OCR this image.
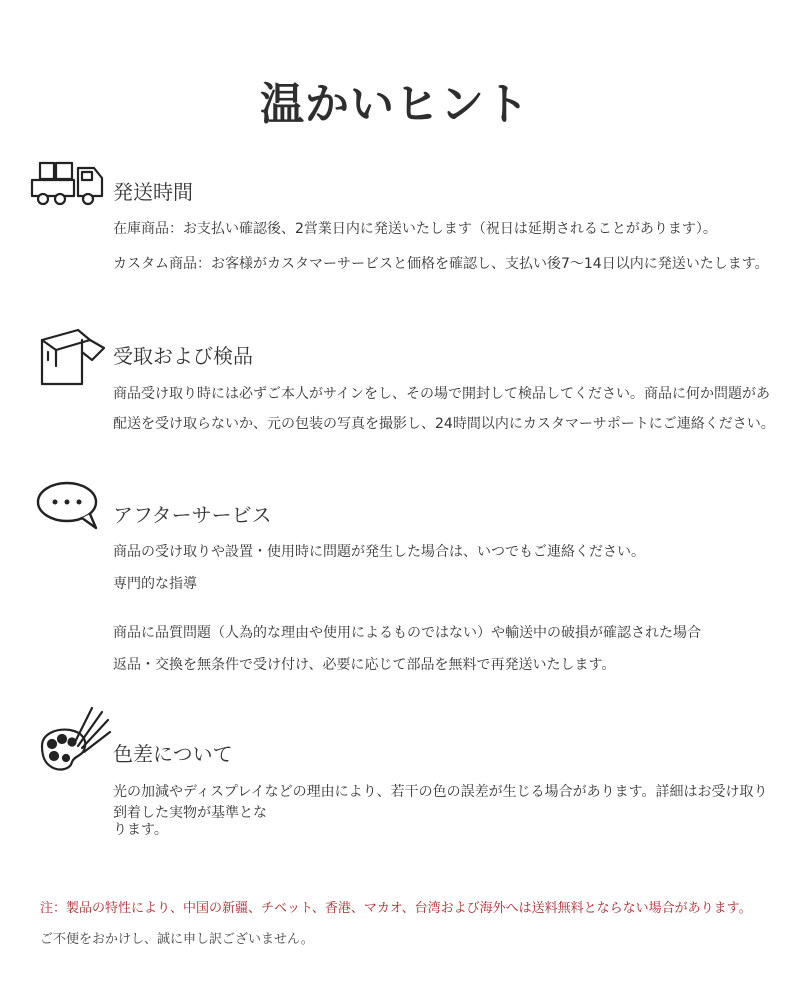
温かいヒント
発送時間
在庫商品：お支払い確認後、2営業日内に発送いたします（祝日は延期されることがあります）。
カスタム商品：お客様がカスタマーサービスと価格を確認し、支払い後7〜14日以内に発送いたします。
受取および検品
商品受け取り時には必ずご本人がサインをし、その場で開封して検品してください。商品に何か問題があ
配送を受け取らないか、元の包装の写真を撮影し、24時間以内にカスタマーサポートにご連絡ください。
アフターサービス
商品の受け取りや設置・使用時に問題が発生した場合は、いつでもご連絡ください。
専門的な指導
商品に品質問題（人為的な理由や使用によるものではない）や輸送中の破損が確認された場合
返品・交換を無条件で受け付け、必要に応じて部品を無料で再発送いたします。
色差について
光の加減やディスプレイなどの理由により、若干の色の誤差が生じる場合があります。詳細はお受け取り
到着した実物が基準となります。
注：製品の特性により、中国の新疆、チベット、香港、マカオ、台湾および海外へは送料無料とならない場合があります。
ご不便をおかけし、誠に申し訳ございません。
